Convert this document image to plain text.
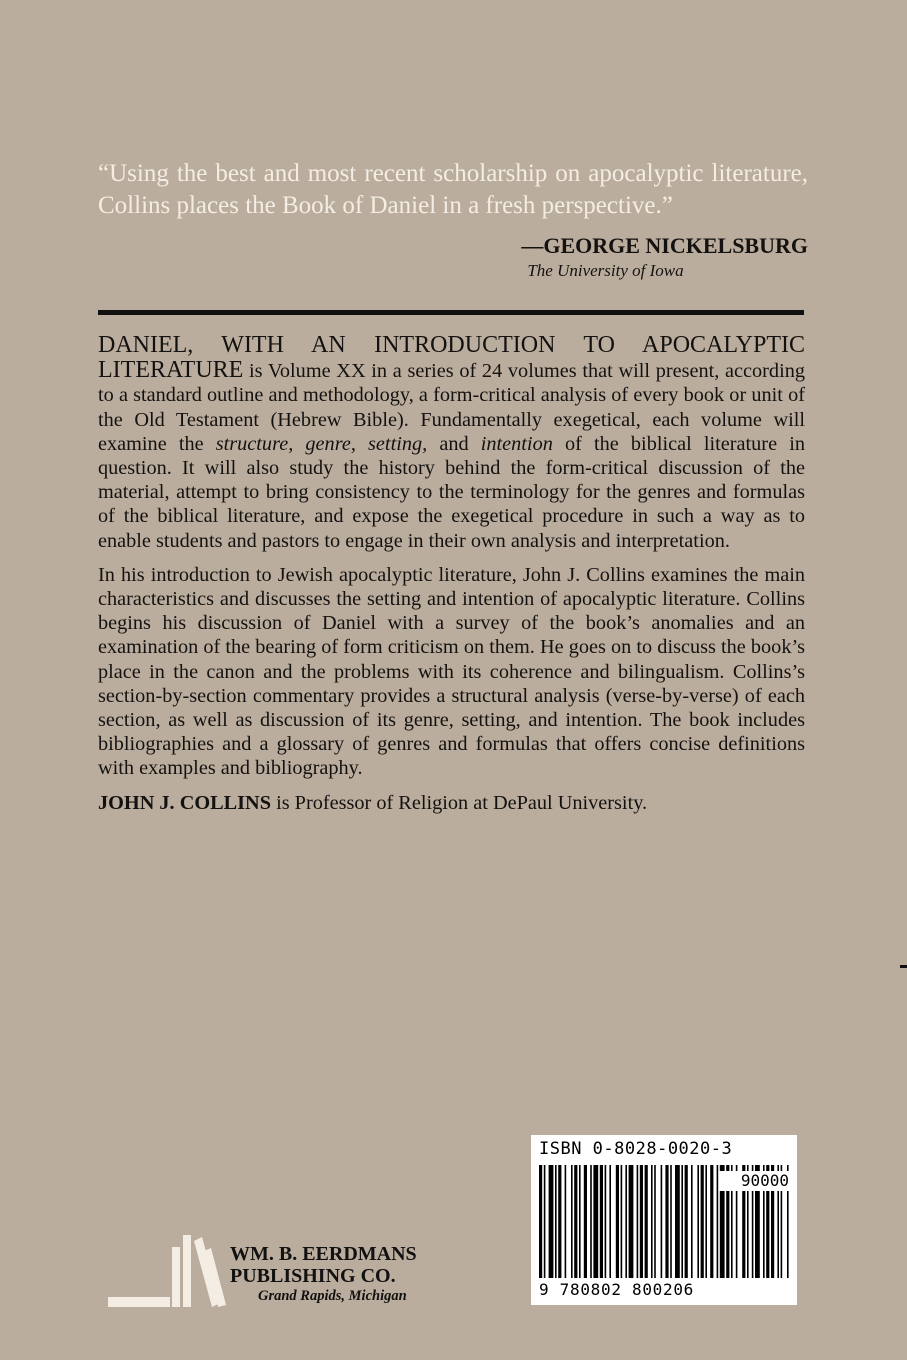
“Using the best and most recent scholarship on apocalyptic literature, Collins places the Book of Daniel in a fresh perspective.”

—GEORGE NICKELSBURG
The University of Iowa

DANIEL, WITH AN INTRODUCTION TO APOCALYPTIC LITERATURE is Volume XX in a series of 24 volumes that will present, according to a standard outline and methodology, a form-critical analysis of every book or unit of the Old Testament (Hebrew Bible). Fundamentally exegetical, each volume will examine the structure, genre, setting, and intention of the biblical literature in question. It will also study the history behind the form-critical discussion of the material, attempt to bring consistency to the terminology for the genres and formulas of the biblical literature, and expose the exegetical procedure in such a way as to enable students and pastors to engage in their own analysis and interpretation.

In his introduction to Jewish apocalyptic literature, John J. Collins examines the main characteristics and discusses the setting and intention of apocalyptic literature. Collins begins his discussion of Daniel with a survey of the book’s anomalies and an examination of the bearing of form criticism on them. He goes on to discuss the book’s place in the canon and the problems with its coherence and bilingualism. Collins’s section-by-section commentary provides a structural analysis (verse-by-verse) of each section, as well as discussion of its genre, setting, and intention. The book includes bibliographies and a glossary of genres and formulas that offers concise definitions with examples and bibliography.

JOHN J. COLLINS is Professor of Religion at DePaul University.

ISBN 0-8028-0020-3

90000

9 780802 800206

WM. B. EERDMANS
PUBLISHING CO.
Grand Rapids, Michigan
